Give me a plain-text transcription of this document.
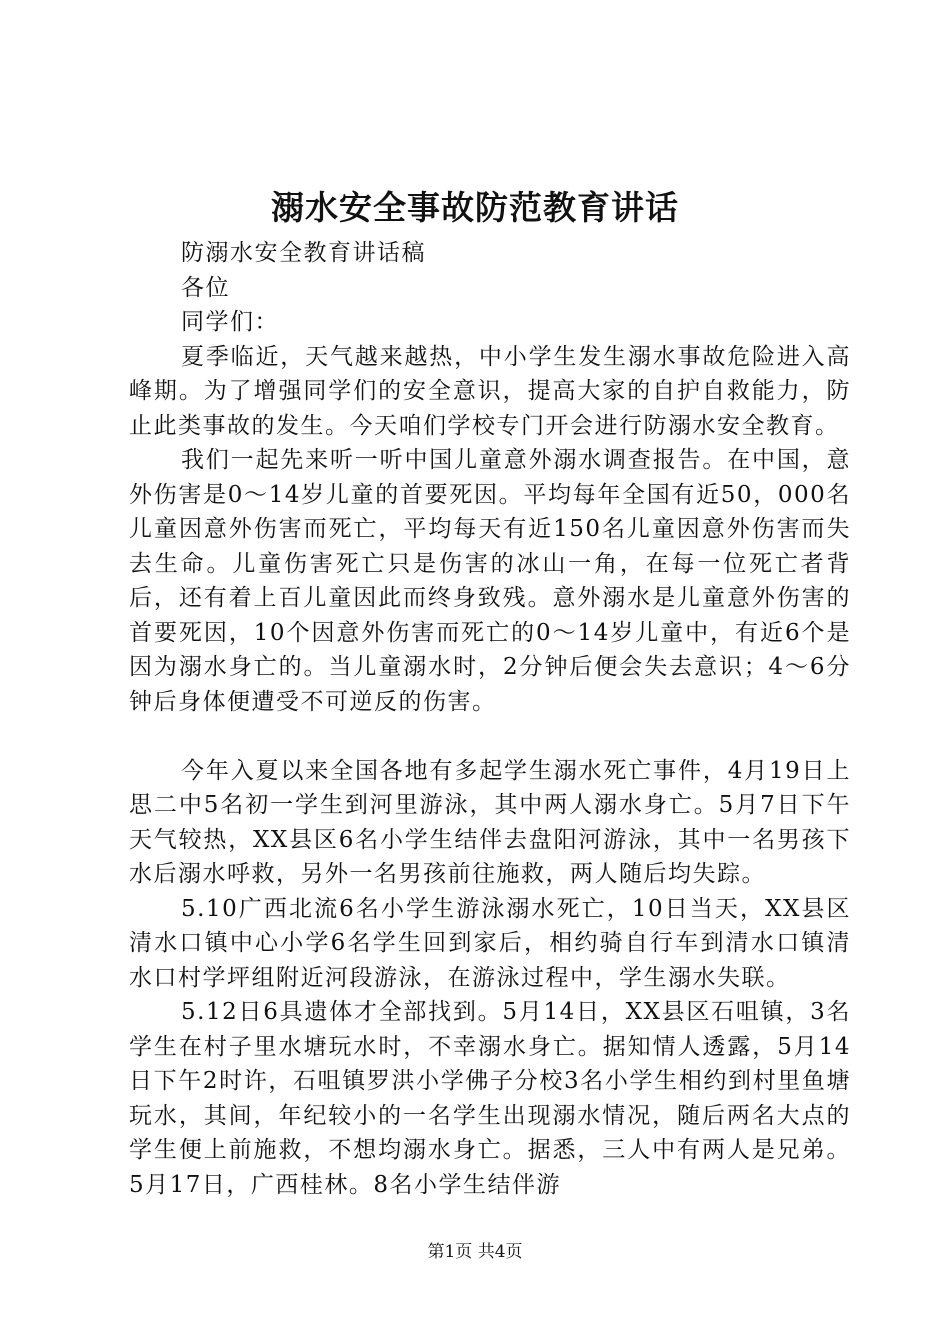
溺水安全事故防范教育讲话

防溺水安全教育讲话稿

各位

同学们：

夏季临近，天气越来越热，中小学生发生溺水事故危险进入高峰期。为了增强同学们的安全意识，提高大家的自护自救能力，防止此类事故的发生。今天咱们学校专门开会进行防溺水安全教育。

我们一起先来听一听中国儿童意外溺水调查报告。在中国，意外伤害是0～14岁儿童的首要死因。平均每年全国有近50，000名儿童因意外伤害而死亡，平均每天有近150名儿童因意外伤害而失去生命。儿童伤害死亡只是伤害的冰山一角，在每一位死亡者背后，还有着上百儿童因此而终身致残。意外溺水是儿童意外伤害的首要死因，10个因意外伤害而死亡的0～14岁儿童中，有近6个是因为溺水身亡的。当儿童溺水时，2分钟后便会失去意识；4～6分钟后身体便遭受不可逆反的伤害。

今年入夏以来全国各地有多起学生溺水死亡事件，4月19日上思二中5名初一学生到河里游泳，其中两人溺水身亡。5月7日下午天气较热，XX县区6名小学生结伴去盘阳河游泳，其中一名男孩下水后溺水呼救，另外一名男孩前往施救，两人随后均失踪。

5.10广西北流6名小学生游泳溺水死亡，10日当天，XX县区清水口镇中心小学6名学生回到家后，相约骑自行车到清水口镇清水口村学坪组附近河段游泳，在游泳过程中，学生溺水失联。

5.12日6具遗体才全部找到。5月14日，XX县区石咀镇，3名学生在村子里水塘玩水时，不幸溺水身亡。据知情人透露，5月14日下午2时许，石咀镇罗洪小学佛子分校3名小学生相约到村里鱼塘玩水，其间，年纪较小的一名学生出现溺水情况，随后两名大点的学生便上前施救，不想均溺水身亡。据悉，三人中有两人是兄弟。5月17日，广西桂林。8名小学生结伴游

第1页 共4页
